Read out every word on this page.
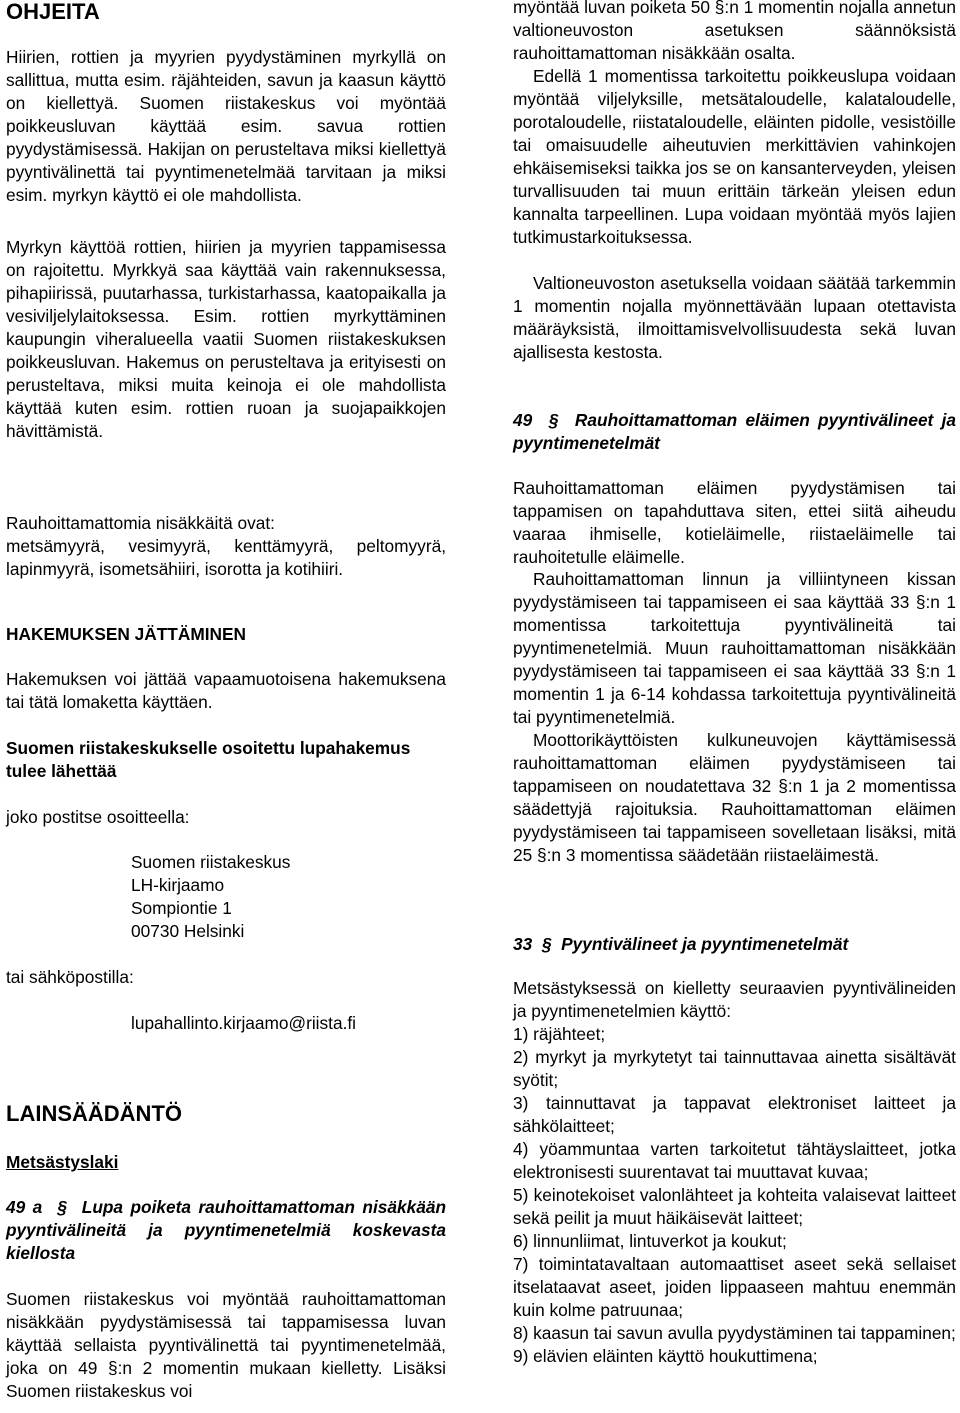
OHJEITA

Hiirien, rottien ja myyrien pyydystäminen myrkyllä on sallittua, mutta esim. räjähteiden, savun ja kaasun käyttö on kiellettyä. Suomen riistakeskus voi myöntää poikkeusluvan käyttää esim. savua rottien pyydystämisessä. Hakijan on perusteltava miksi kiellettyä pyyntivälinettä tai pyyntimenetelmää tarvitaan ja miksi esim. myrkyn käyttö ei ole mahdollista.

Myrkyn käyttöä rottien, hiirien ja myyrien tappamisessa on rajoitettu. Myrkkyä saa käyttää vain rakennuksessa, pihapiirissä, puutarhassa, turkistarhassa, kaatopaikalla ja vesiviljelylaitoksessa. Esim. rottien myrkyttäminen kaupungin viheralueella vaatii Suomen riistakeskuksen poikkeusluvan. Hakemus on perusteltava ja erityisesti on perusteltava, miksi muita keinoja ei ole mahdollista käyttää kuten esim. rottien ruoan ja suojapaikkojen hävittämistä.

Rauhoittamattomia nisäkkäitä ovat:

metsämyyrä, vesimyyrä, kenttämyyrä, peltomyyrä, lapinmyyrä, isometsähiiri, isorotta ja kotihiiri.

HAKEMUKSEN JÄTTÄMINEN

Hakemuksen voi jättää vapaamuotoisena hakemuksena tai tätä lomaketta käyttäen.

Suomen riistakeskukselle osoitettu lupahakemus tulee lähettää

joko postitse osoitteella:

Suomen riistakeskus

LH-kirjaamo

Sompiontie 1

00730 Helsinki

tai sähköpostilla:

lupahallinto.kirjaamo@riista.fi

LAINSÄÄDÄNTÖ

Metsästyslaki

49 a § Lupa poiketa rauhoittamattoman nisäkkään pyyntivälineitä ja pyyntimenetelmiä koskevasta kiellosta

Suomen riistakeskus voi myöntää rauhoittamattoman nisäkkään pyydystämisessä tai tappamisessa luvan käyttää sellaista pyyntivälinettä tai pyyntimenetelmää, joka on 49 §:n 2 momentin mukaan kielletty. Lisäksi Suomen riistakeskus voi

myöntää luvan poiketa 50 §:n 1 momentin nojalla annetun valtioneuvoston asetuksen säännöksistä rauhoittamattoman nisäkkään osalta.

Edellä 1 momentissa tarkoitettu poikkeuslupa voidaan myöntää viljelyksille, metsätaloudelle, kalataloudelle, porotaloudelle, riistataloudelle, eläinten pidolle, vesistöille tai omaisuudelle aiheutuvien merkittävien vahinkojen ehkäisemiseksi taikka jos se on kansanterveyden, yleisen turvallisuuden tai muun erittäin tärkeän yleisen edun kannalta tarpeellinen. Lupa voidaan myöntää myös lajien tutkimustarkoituksessa.

Valtioneuvoston asetuksella voidaan säätää tarkemmin 1 momentin nojalla myönnettävään lupaan otettavista määräyksistä, ilmoittamisvelvollisuudesta sekä luvan ajallisesta kestosta.

49 § Rauhoittamattoman eläimen pyyntivälineet ja pyyntimenetelmät

Rauhoittamattoman eläimen pyydystämisen tai tappamisen on tapahduttava siten, ettei siitä aiheudu vaaraa ihmiselle, kotieläimelle, riistaeläimelle tai rauhoitetulle eläimelle.

Rauhoittamattoman linnun ja villiintyneen kissan pyydystämiseen tai tappamiseen ei saa käyttää 33 §:n 1 momentissa tarkoitettuja pyyntivälineitä tai pyyntimenetelmiä. Muun rauhoittamattoman nisäkkään pyydystämiseen tai tappamiseen ei saa käyttää 33 §:n 1 momentin 1 ja 6-14 kohdassa tarkoitettuja pyyntivälineitä tai pyyntimenetelmiä.

Moottorikäyttöisten kulkuneuvojen käyttämisessä rauhoittamattoman eläimen pyydystämiseen tai tappamiseen on noudatettava 32 §:n 1 ja 2 momentissa säädettyjä rajoituksia. Rauhoittamattoman eläimen pyydystämiseen tai tappamiseen sovelletaan lisäksi, mitä 25 §:n 3 momentissa säädetään riistaeläimestä.

33 § Pyyntivälineet ja pyyntimenetelmät

Metsästyksessä on kielletty seuraavien pyyntivälineiden ja pyyntimenetelmien käyttö:

1) räjähteet;

2) myrkyt ja myrkytetyt tai tainnuttavaa ainetta sisältävät syötit;

3) tainnuttavat ja tappavat elektroniset laitteet ja sähkölaitteet;

4) yöammuntaa varten tarkoitetut tähtäyslaitteet, jotka elektronisesti suurentavat tai muuttavat kuvaa;

5) keinotekoiset valonlähteet ja kohteita valaisevat laitteet sekä peilit ja muut häikäisevät laitteet;

6) linnunliimat, lintuverkot ja koukut;

7) toimintatavaltaan automaattiset aseet sekä sellaiset itselataavat aseet, joiden lippaaseen mahtuu enemmän kuin kolme patruunaa;

8) kaasun tai savun avulla pyydystäminen tai tappaminen;

9) elävien eläinten käyttö houkuttimena;
